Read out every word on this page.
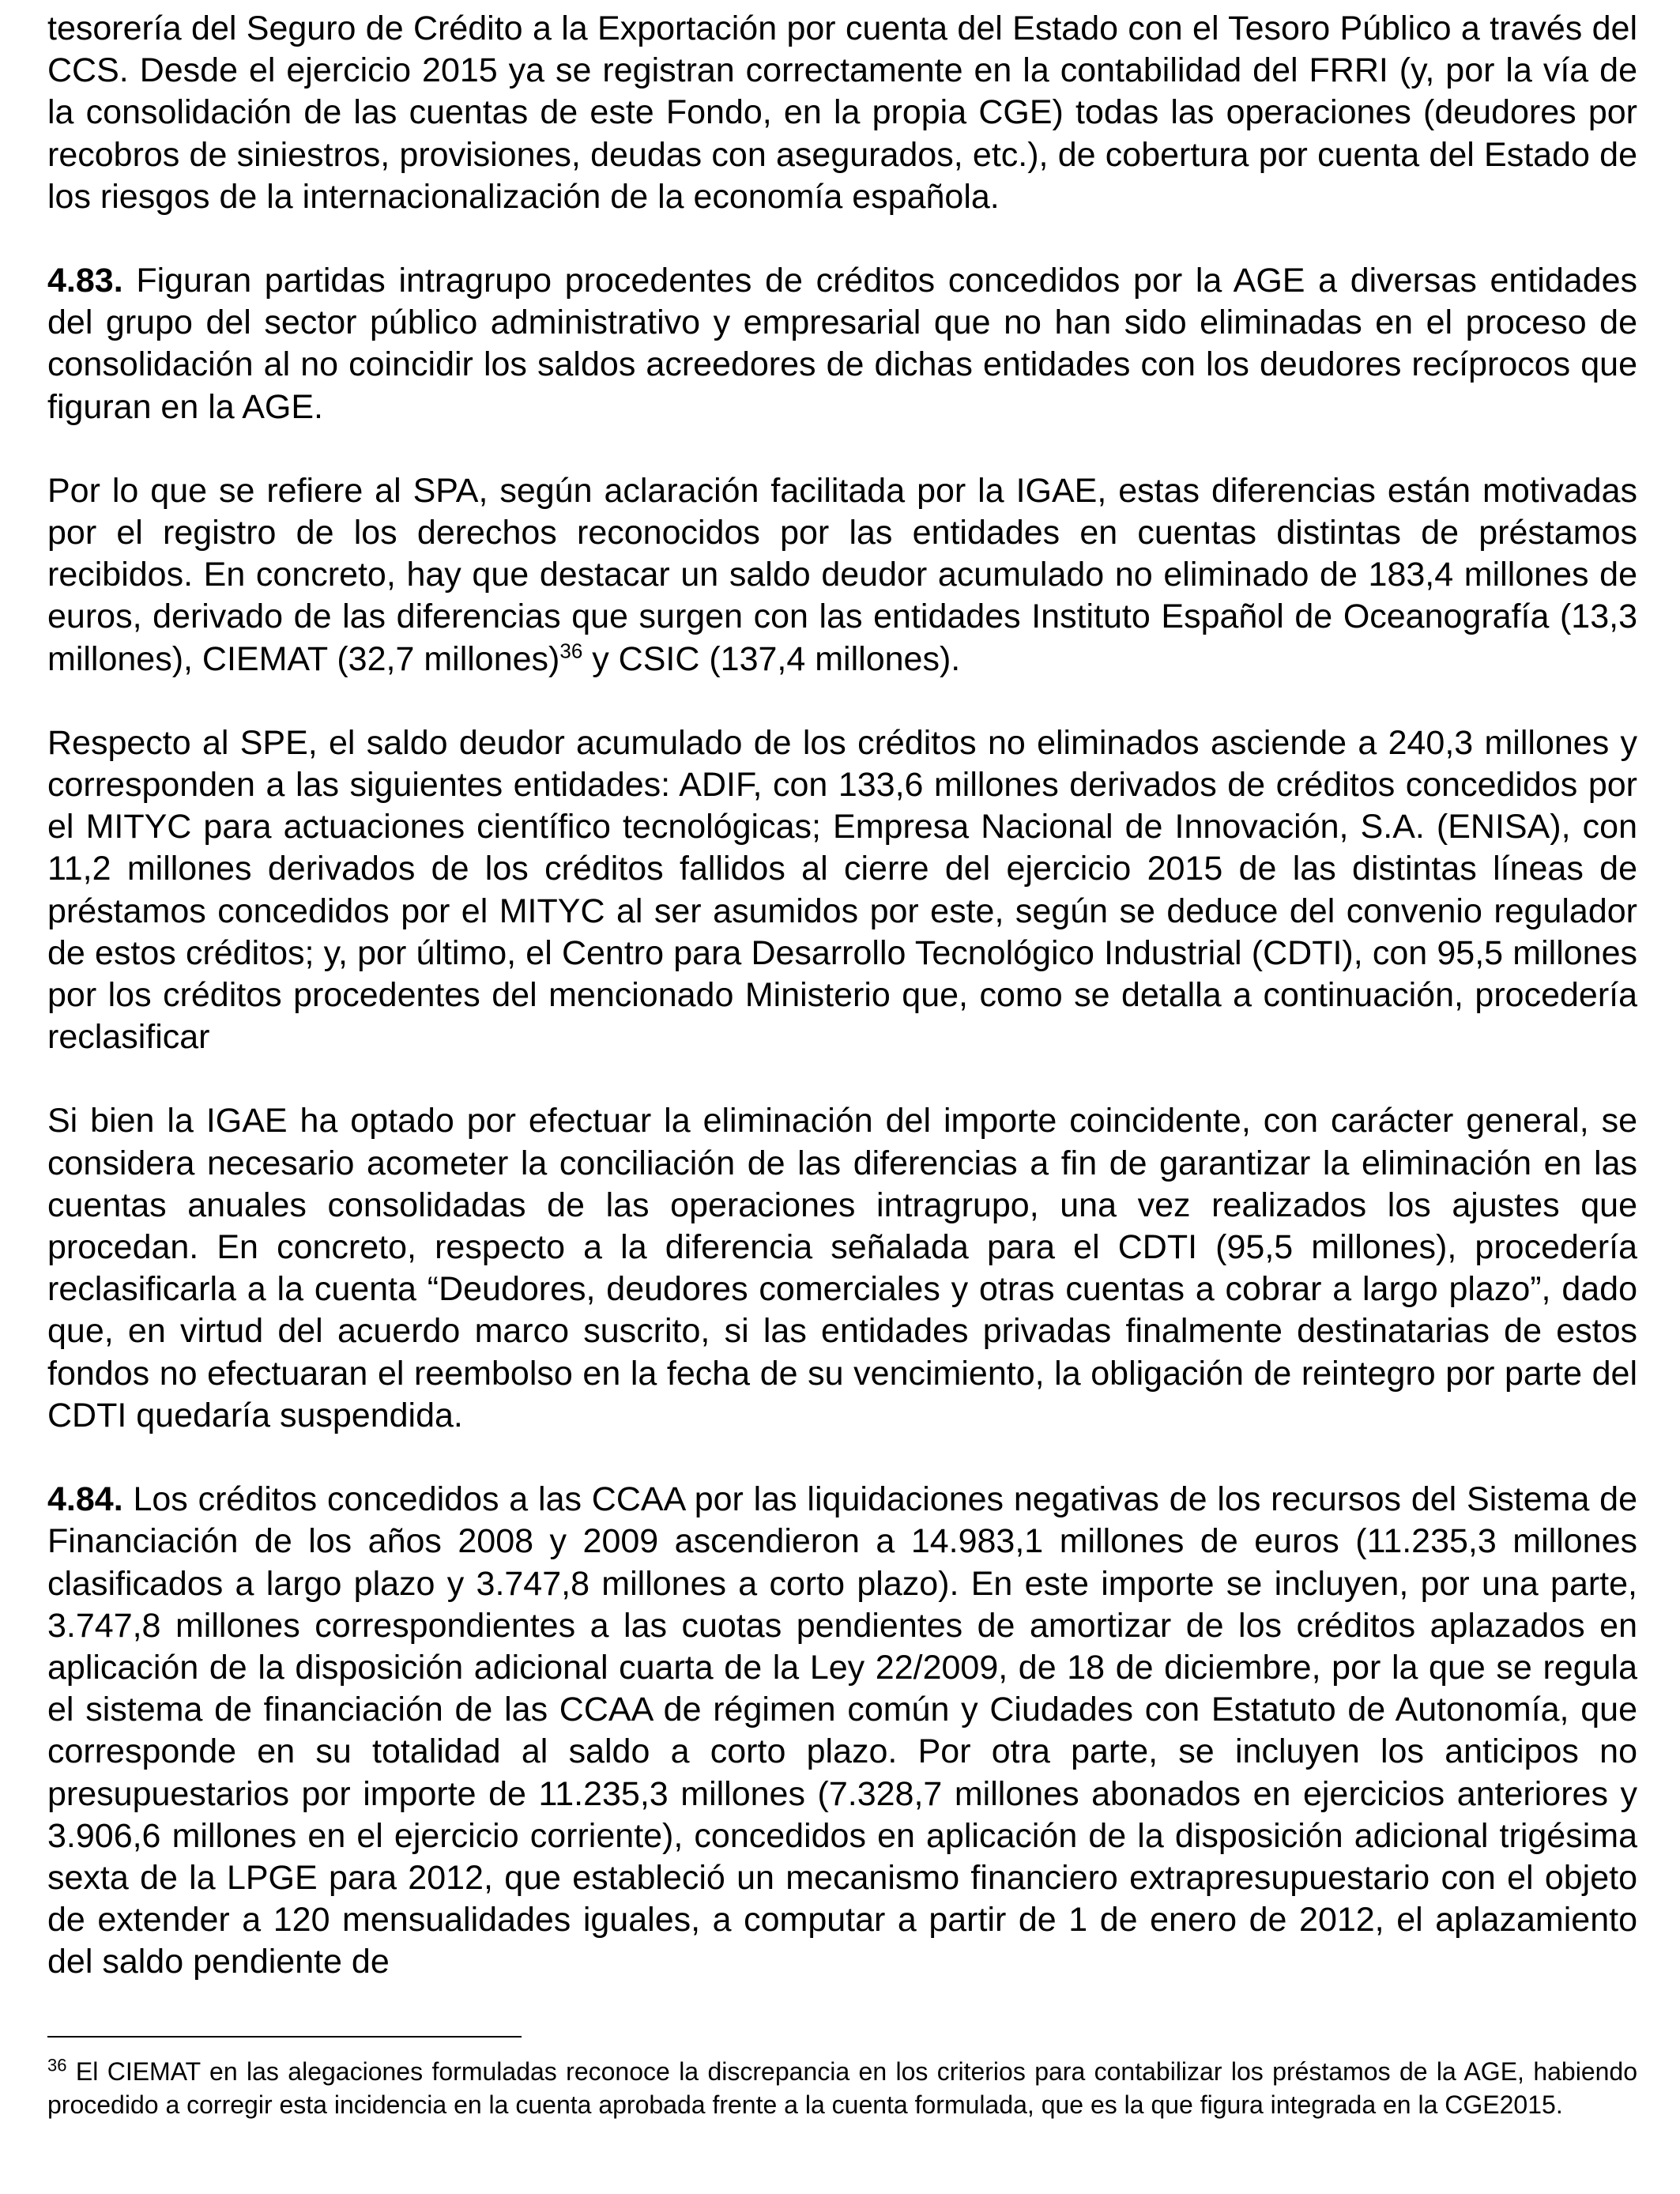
tesorería del Seguro de Crédito a la Exportación por cuenta del Estado con el Tesoro Público a través del CCS. Desde el ejercicio 2015 ya se registran correctamente en la contabilidad del FRRI (y, por la vía de la consolidación de las cuentas de este Fondo, en la propia CGE) todas las operaciones (deudores por recobros de siniestros, provisiones, deudas con asegurados, etc.), de cobertura por cuenta del Estado de los riesgos de la internacionalización de la economía española.

4.83. Figuran partidas intragrupo procedentes de créditos concedidos por la AGE a diversas entidades del grupo del sector público administrativo y empresarial que no han sido eliminadas en el proceso de consolidación al no coincidir los saldos acreedores de dichas entidades con los deudores recíprocos que figuran en la AGE.

Por lo que se refiere al SPA, según aclaración facilitada por la IGAE, estas diferencias están motivadas por el registro de los derechos reconocidos por las entidades en cuentas distintas de préstamos recibidos. En concreto, hay que destacar un saldo deudor acumulado no eliminado de 183,4 millones de euros, derivado de las diferencias que surgen con las entidades Instituto Español de Oceanografía (13,3 millones), CIEMAT (32,7 millones)$^{36}$ y CSIC (137,4 millones).

Respecto al SPE, el saldo deudor acumulado de los créditos no eliminados asciende a 240,3 millones y corresponden a las siguientes entidades: ADIF, con 133,6 millones derivados de créditos concedidos por el MITYC para actuaciones científico tecnológicas; Empresa Nacional de Innovación, S.A. (ENISA), con 11,2 millones derivados de los créditos fallidos al cierre del ejercicio 2015 de las distintas líneas de préstamos concedidos por el MITYC al ser asumidos por este, según se deduce del convenio regulador de estos créditos; y, por último, el Centro para Desarrollo Tecnológico Industrial (CDTI), con 95,5 millones por los créditos procedentes del mencionado Ministerio que, como se detalla a continuación, procedería reclasificar

Si bien la IGAE ha optado por efectuar la eliminación del importe coincidente, con carácter general, se considera necesario acometer la conciliación de las diferencias a fin de garantizar la eliminación en las cuentas anuales consolidadas de las operaciones intragrupo, una vez realizados los ajustes que procedan. En concreto, respecto a la diferencia señalada para el CDTI (95,5 millones), procedería reclasificarla a la cuenta “Deudores, deudores comerciales y otras cuentas a cobrar a largo plazo”, dado que, en virtud del acuerdo marco suscrito, si las entidades privadas finalmente destinatarias de estos fondos no efectuaran el reembolso en la fecha de su vencimiento, la obligación de reintegro por parte del CDTI quedaría suspendida.

4.84. Los créditos concedidos a las CCAA por las liquidaciones negativas de los recursos del Sistema de Financiación de los años 2008 y 2009 ascendieron a 14.983,1 millones de euros (11.235,3 millones clasificados a largo plazo y 3.747,8 millones a corto plazo). En este importe se incluyen, por una parte, 3.747,8 millones correspondientes a las cuotas pendientes de amortizar de los créditos aplazados en aplicación de la disposición adicional cuarta de la Ley 22/2009, de 18 de diciembre, por la que se regula el sistema de financiación de las CCAA de régimen común y Ciudades con Estatuto de Autonomía, que corresponde en su totalidad al saldo a corto plazo. Por otra parte, se incluyen los anticipos no presupuestarios por importe de 11.235,3 millones (7.328,7 millones abonados en ejercicios anteriores y 3.906,6 millones en el ejercicio corriente), concedidos en aplicación de la disposición adicional trigésima sexta de la LPGE para 2012, que estableció un mecanismo financiero extrapresupuestario con el objeto de extender a 120 mensualidades iguales, a computar a partir de 1 de enero de 2012, el aplazamiento del saldo pendiente de

$^{36}$ El CIEMAT en las alegaciones formuladas reconoce la discrepancia en los criterios para contabilizar los préstamos de la AGE, habiendo procedido a corregir esta incidencia en la cuenta aprobada frente a la cuenta formulada, que es la que figura integrada en la CGE2015.
